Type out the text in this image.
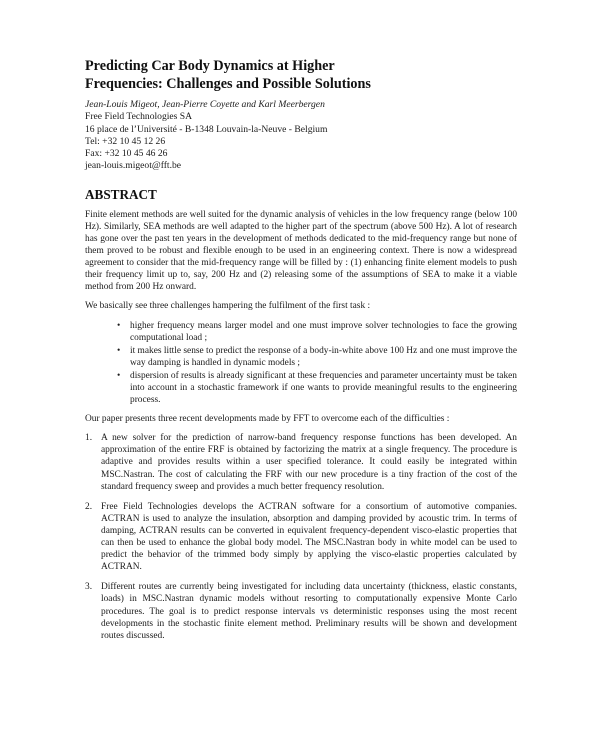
Predicting Car Body Dynamics at Higher
Frequencies: Challenges and Possible Solutions
Jean-Louis Migeot, Jean-Pierre Coyette and Karl Meerbergen
Free Field Technologies SA
16 place de l’Université - B-1348 Louvain-la-Neuve - Belgium
Tel: +32 10 45 12 26
Fax: +32 10 45 46 26
jean-louis.migeot@fft.be
ABSTRACT

Finite element methods are well suited for the dynamic analysis of vehicles in the low frequency range (below 100 Hz). Similarly, SEA methods are well adapted to the higher part of the spectrum (above 500 Hz). A lot of research has gone over the past ten years in the development of methods dedicated to the mid-frequency range but none of them proved to be robust and flexible enough to be used in an engineering context. There is now a widespread agreement to consider that the mid-frequency range will be filled by : (1) enhancing finite element models to push their frequency limit up to, say, 200 Hz and (2) releasing some of the assumptions of SEA to make it a viable method from 200 Hz onward.

We basically see three challenges hampering the fulfilment of the first task :

• higher frequency means larger model and one must improve solver technologies to face the growing computational load ;
• it makes little sense to predict the response of a body-in-white above 100 Hz and one must improve the way damping is handled in dynamic models ;
• dispersion of results is already significant at these frequencies and parameter uncertainty must be taken into account in a stochastic framework if one wants to provide meaningful results to the engineering process.

Our paper presents three recent developments made by FFT to overcome each of the difficulties :

1. A new solver for the prediction of narrow-band frequency response functions has been developed. An approximation of the entire FRF is obtained by factorizing the matrix at a single frequency. The procedure is adaptive and provides results within a user specified tolerance. It could easily be integrated within MSC.Nastran. The cost of calculating the FRF with our new procedure is a tiny fraction of the cost of the standard frequency sweep and provides a much better frequency resolution.
2. Free Field Technologies develops the ACTRAN software for a consortium of automotive companies. ACTRAN is used to analyze the insulation, absorption and damping provided by acoustic trim. In terms of damping, ACTRAN results can be converted in equivalent frequency-dependent visco-elastic properties that can then be used to enhance the global body model. The MSC.Nastran body in white model can be used to predict the behavior of the trimmed body simply by applying the visco-elastic properties calculated by ACTRAN.
3. Different routes are currently being investigated for including data uncertainty (thickness, elastic constants, loads) in MSC.Nastran dynamic models without resorting to computationally expensive Monte Carlo procedures. The goal is to predict response intervals vs deterministic responses using the most recent developments in the stochastic finite element method. Preliminary results will be shown and development routes discussed.
